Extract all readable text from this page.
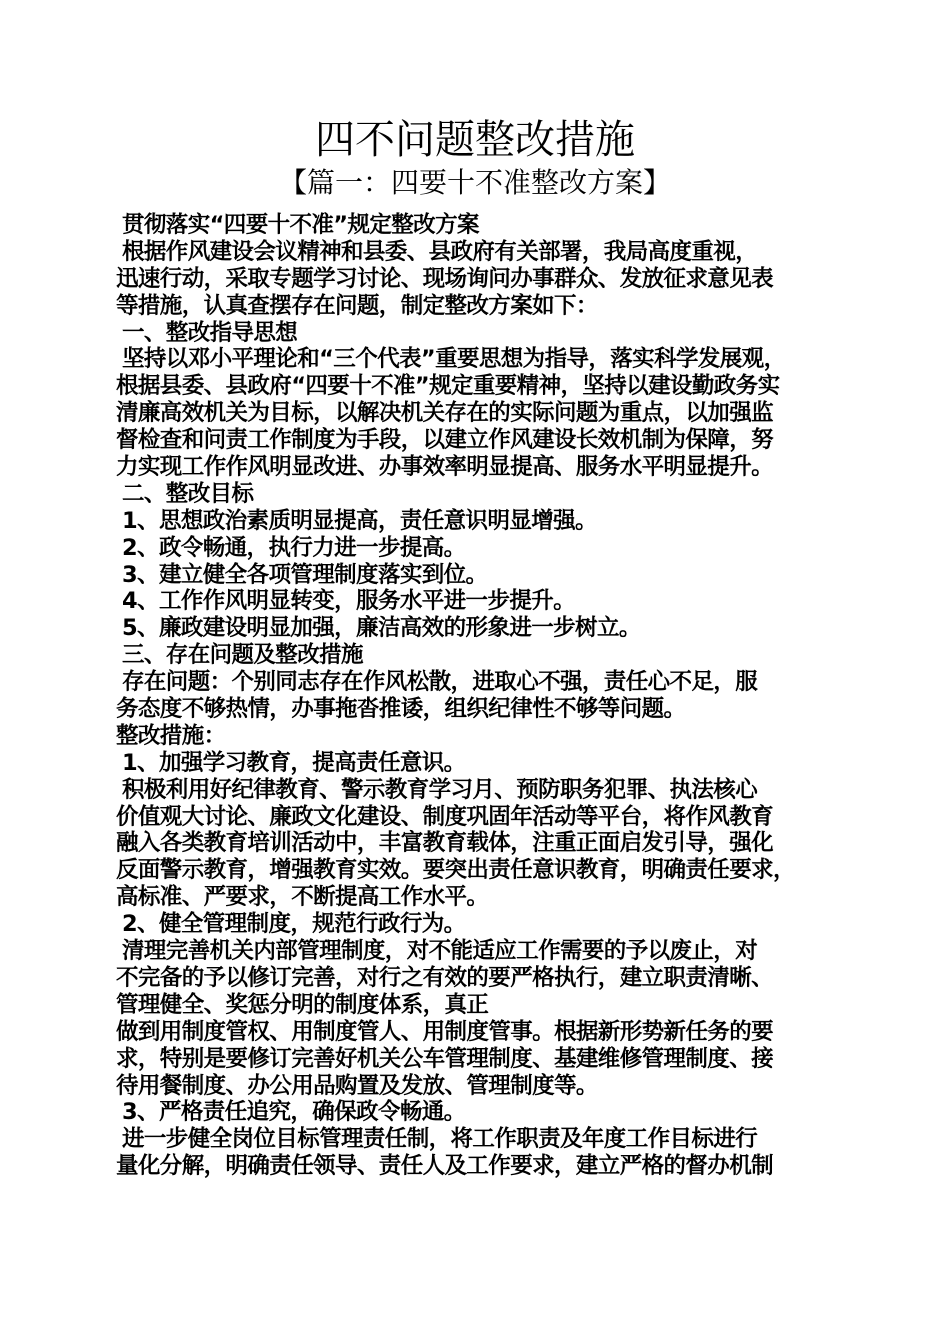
四不问题整改措施
【篇一：四要十不准整改方案】
贯彻落实“四要十不准”规定整改方案
根据作风建设会议精神和县委、县政府有关部署，我局高度重视，
迅速行动，采取专题学习讨论、现场询问办事群众、发放征求意见表
等措施，认真查摆存在问题，制定整改方案如下：
一、整改指导思想
坚持以邓小平理论和“三个代表”重要思想为指导，落实科学发展观，
根据县委、县政府“四要十不准”规定重要精神，坚持以建设勤政务实
清廉高效机关为目标，以解决机关存在的实际问题为重点，以加强监
督检查和问责工作制度为手段，以建立作风建设长效机制为保障，努
力实现工作作风明显改进、办事效率明显提高、服务水平明显提升。
二、整改目标
1、思想政治素质明显提高，责任意识明显增强。
2、政令畅通，执行力进一步提高。
3、建立健全各项管理制度落实到位。
4、工作作风明显转变，服务水平进一步提升。
5、廉政建设明显加强，廉洁高效的形象进一步树立。
三、存在问题及整改措施
存在问题：个别同志存在作风松散，进取心不强，责任心不足，服
务态度不够热情，办事拖沓推诿，组织纪律性不够等问题。
整改措施：
1、加强学习教育，提高责任意识。
积极利用好纪律教育、警示教育学习月、预防职务犯罪、执法核心
价值观大讨论、廉政文化建设、制度巩固年活动等平台，将作风教育
融入各类教育培训活动中，丰富教育载体，注重正面启发引导，强化
反面警示教育，增强教育实效。要突出责任意识教育，明确责任要求，
高标准、严要求，不断提高工作水平。
2、健全管理制度，规范行政行为。
清理完善机关内部管理制度，对不能适应工作需要的予以废止，对
不完备的予以修订完善，对行之有效的要严格执行，建立职责清晰、
管理健全、奖惩分明的制度体系，真正
做到用制度管权、用制度管人、用制度管事。根据新形势新任务的要
求，特别是要修订完善好机关公车管理制度、基建维修管理制度、接
待用餐制度、办公用品购置及发放、管理制度等。
3、严格责任追究，确保政令畅通。
进一步健全岗位目标管理责任制，将工作职责及年度工作目标进行
量化分解，明确责任领导、责任人及工作要求，建立严格的督办机制
